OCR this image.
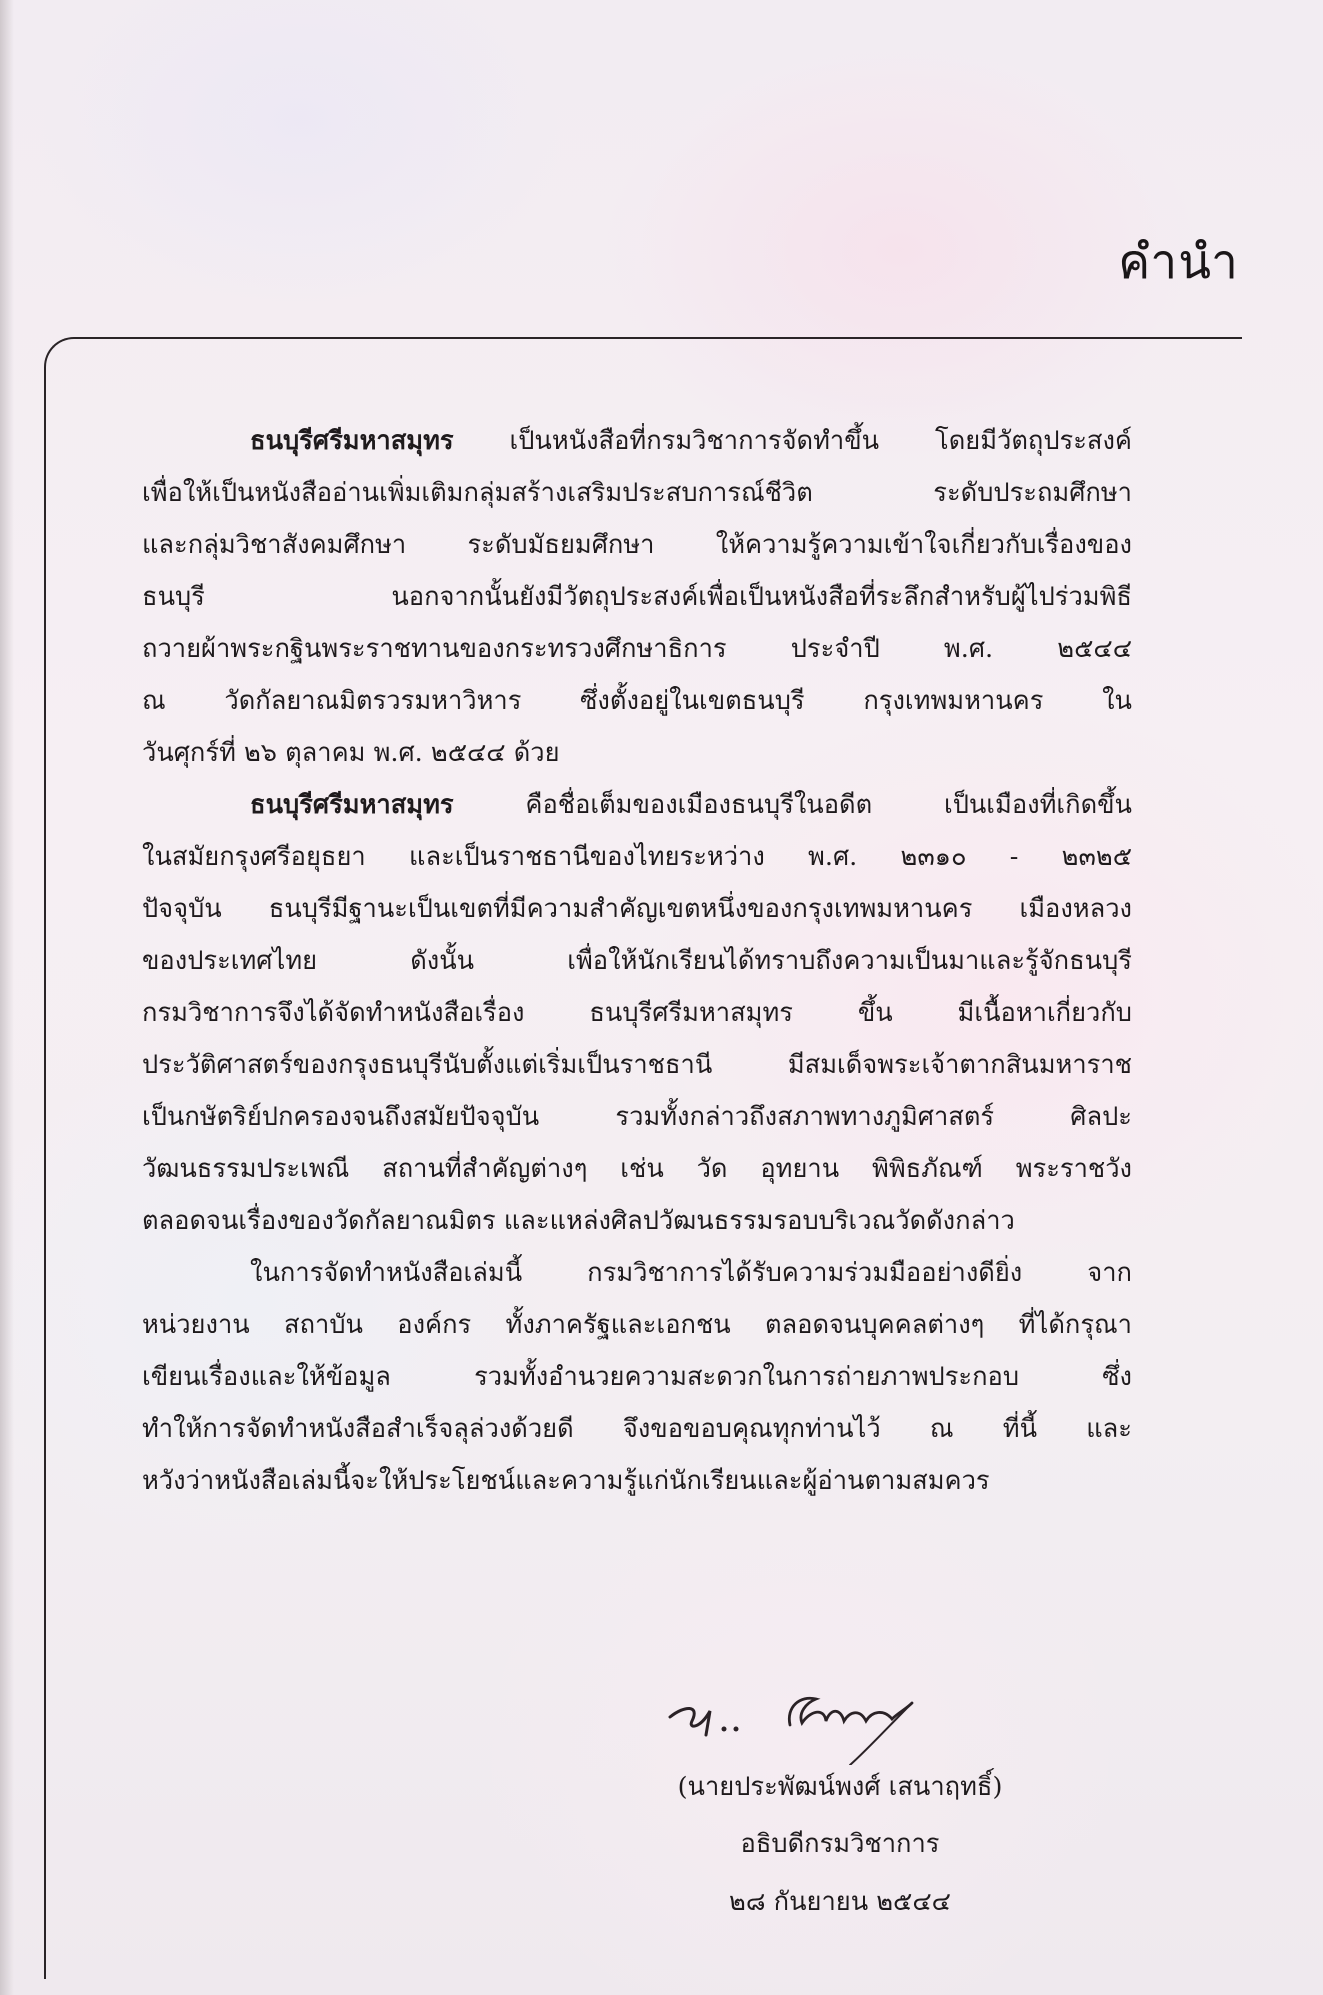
คำนำ

ธนบุรีศรีมหาสมุทร เป็นหนังสือที่กรมวิชาการจัดทำขึ้น โดยมีวัตถุประสงค์
เพื่อให้เป็นหนังสืออ่านเพิ่มเติมกลุ่มสร้างเสริมประสบการณ์ชีวิต ระดับประถมศึกษา
และกลุ่มวิชาสังคมศึกษา ระดับมัธยมศึกษา ให้ความรู้ความเข้าใจเกี่ยวกับเรื่องของ
ธนบุรี นอกจากนั้นยังมีวัตถุประสงค์เพื่อเป็นหนังสือที่ระลึกสำหรับผู้ไปร่วมพิธี
ถวายผ้าพระกฐินพระราชทานของกระทรวงศึกษาธิการ ประจำปี พ.ศ. ๒๕๔๔
ณ วัดกัลยาณมิตรวรมหาวิหาร ซึ่งตั้งอยู่ในเขตธนบุรี กรุงเทพมหานคร ใน
วันศุกร์ที่ ๒๖ ตุลาคม พ.ศ. ๒๕๔๔ ด้วย

ธนบุรีศรีมหาสมุทร คือชื่อเต็มของเมืองธนบุรีในอดีต เป็นเมืองที่เกิดขึ้น
ในสมัยกรุงศรีอยุธยา และเป็นราชธานีของไทยระหว่าง พ.ศ. ๒๓๑๐ - ๒๓๒๕
ปัจจุบัน ธนบุรีมีฐานะเป็นเขตที่มีความสำคัญเขตหนึ่งของกรุงเทพมหานคร เมืองหลวง
ของประเทศไทย ดังนั้น เพื่อให้นักเรียนได้ทราบถึงความเป็นมาและรู้จักธนบุรี
กรมวิชาการจึงได้จัดทำหนังสือเรื่อง ธนบุรีศรีมหาสมุทร ขึ้น มีเนื้อหาเกี่ยวกับ
ประวัติศาสตร์ของกรุงธนบุรีนับตั้งแต่เริ่มเป็นราชธานี มีสมเด็จพระเจ้าตากสินมหาราช
เป็นกษัตริย์ปกครองจนถึงสมัยปัจจุบัน รวมทั้งกล่าวถึงสภาพทางภูมิศาสตร์ ศิลปะ
วัฒนธรรมประเพณี สถานที่สำคัญต่างๆ เช่น วัด อุทยาน พิพิธภัณฑ์ พระราชวัง
ตลอดจนเรื่องของวัดกัลยาณมิตร และแหล่งศิลปวัฒนธรรมรอบบริเวณวัดดังกล่าว

ในการจัดทำหนังสือเล่มนี้ กรมวิชาการได้รับความร่วมมืออย่างดียิ่ง จาก
หน่วยงาน สถาบัน องค์กร ทั้งภาครัฐและเอกชน ตลอดจนบุคคลต่างๆ ที่ได้กรุณา
เขียนเรื่องและให้ข้อมูล รวมทั้งอำนวยความสะดวกในการถ่ายภาพประกอบ ซึ่ง
ทำให้การจัดทำหนังสือสำเร็จลุล่วงด้วยดี จึงขอขอบคุณทุกท่านไว้ ณ ที่นี้ และ
หวังว่าหนังสือเล่มนี้จะให้ประโยชน์และความรู้แก่นักเรียนและผู้อ่านตามสมควร

(นายประพัฒน์พงศ์ เสนาฤทธิ์)
อธิบดีกรมวิชาการ
๒๘ กันยายน ๒๕๔๔
